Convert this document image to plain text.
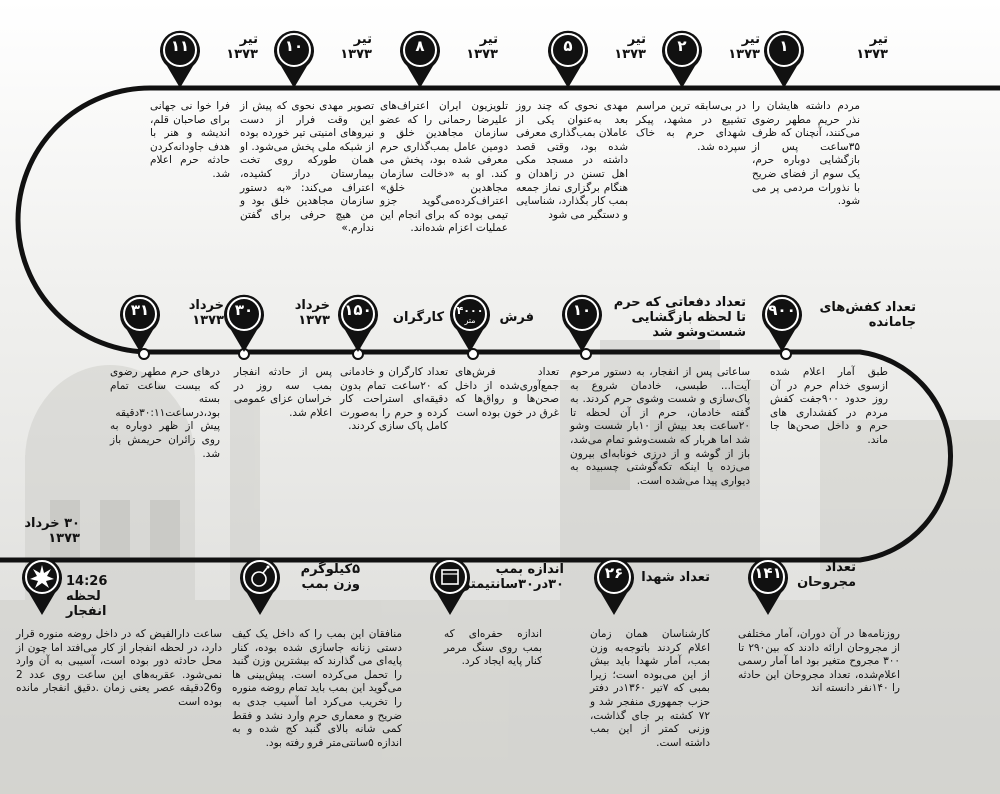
۱	تیر
۱۳۷۳
مردم داشته هایشان را نذر حریم مطهر رضوی می‌کنند، آنچنان که ظرف ۳۵ساعت پس از بازگشایی دوباره حرم، یک سوم از فضای ضریح با نذورات مردمی پر می شود.
۲	تیر
۱۳۷۳
در بی‌سابقه ترین مراسم تشییع در مشهد، پیکر شهدای حرم به خاک سپرده شد.
۵	تیر
۱۳۷۳
مهدی نحوی که چند روز بعد به‌عنوان یکی از عاملان بمب‌گذاری معرفی شده بود، وقتی قصد داشته در مسجد مکی اهل تسنن در زاهدان و هنگام برگزاری نماز جمعه بمب کار بگذارد، شناسایی و دستگیر می شود
۸	تیر
۱۳۷۳
تلویزیون ایران اعتراف‌های علیرضا رحمانی را که عضو سازمان مجاهدین خلق و دومین عامل بمب‌گذاری حرم معرفی شده بود، پخش می کند. او به «دخالت سازمان مجاهدین خلق» اعتراف‌کرده‌می‌گوید جزو تیمی بوده که برای انجام این عملیات اعزام شده‌اند.
۱۰	تیر
۱۳۷۳
تصویر مهدی نحوی که پیش از این وقت فرار از دست نیروهای امنیتی تیر خورده بوده از شبکه ملی پخش می‌شود. او همان طورکه روی تخت بیمارستان دراز کشیده، اعتراف می‌کند: «به دستور سازمان مجاهدین خلق بود و من هیچ حرفی برای گفتن ندارم.»
۱۱	تیر
۱۳۷۳
فرا خوا نی جهانی برای صاحبان قلم، اندیشه و هنر با هدف جاودانه‌کردن حادثه حرم اعلام شد.
۹۰۰	تعداد کفش‌های جامانده
طبق آمار اعلام شده ازسوی خدام حرم در آن روز حدود ۹۰۰جفت کفش مردم در کفشداری های حرم و داخل صحن‌ها جا ماند.
۱۰	تعداد دفعاتی که حرم تا لحظه بازگشایی شست‌وشو شد
ساعاتی پس از انفجار، به دستور مرحوم آیت‌ا... طبسی، خادمان شروع به پاک‌سازی و شست وشوی حرم کردند. به گفته خادمان، حرم از آن لحظه تا ۲۰ساعت بعد بیش از ۱۰بار شست وشو شد اما هربار که شست‌وشو تمام می‌شد، باز از گوشه و از درزی خونابه‌ای بیرون می‌زده یا اینکه تکه‌گوشتی چسبیده به دیواری پیدا می‌شده است.
۴۰۰۰
متر	فرش
تعداد فرش‌های جمع‌آوری‌شده از داخل صحن‌ها و رواق‌ها که غرق در خون بوده است
۱۵۰	کارگران
تعداد کارگران و خادمانی که ۲۰ساعت تمام بدون دقیقه‌ای استراحت کار کرده و حرم را به‌صورت کامل پاک سازی کردند.
۳۰	خرداد
۱۳۷۳
پس از حادثه انفجار بمب سه روز در خراسان عزای عمومی اعلام شد.
۳۱	خرداد
۱۳۷۳
درهای حرم مطهر رضوی که بیست ساعت تمام بسته بود،درساعت۳۰:۱۱دقیقه پیش از ظهر دوباره به روی زائران حریمش باز شد.
۱۴۱	تعداد مجروحان
روزنامه‌ها در آن دوران، آمار مختلفی از مجروحان ارائه دادند که بین۲۹۰ تا ۳۰۰ مجروح متغیر بود اما آمار رسمی اعلام‌شده، تعداد مجروحان این حادثه را ۱۴۰نفر دانسته اند
۲۶	تعداد شهدا
کارشناسان همان زمان اعلام کردند باتوجه‌به وزن بمب، آمار شهدا باید بیش از این می‌بوده است؛ زیرا بمبی که ۷تیر ۱۳۶۰در دفتر حزب جمهوری منفجر شد و ۷۲ کشته بر جای گذاشت، وزنی کمتر از این بمب داشته است.
اندازه بمب
۳۰در۳۰سانتیمتر
اندازه حفره‌ای که بمب روی سنگ مرمر کنار پایه ایجاد کرد.
۵کیلوگرم
وزن بمب
منافقان این بمب را که داخل یک کیف دستی زنانه جاسازی شده بوده، کنار پایه‌ای می گذارند که بیشترین وزن گنبد را تحمل می‌کرده است. پیش‌بینی ها می‌گوید این بمب باید تمام روضه منوره را تخریب می‌کرد اما آسیب جدی به ضریح و معماری حرم وارد نشد و فقط کمی شانه بالای گنبد کج شده و به اندازه ۵سانتی‌متر فرو رفته بود.
۳۰ خرداد
۱۳۷۳
14:26
لحظه انفجار
ساعت دارالفیض که در داخل روضه منوره قرار دارد، در لحظه انفجار از کار می‌افتد اما چون از محل حادثه دور بوده است، آسیبی به آن وارد نمی‌شود. عقربه‌های این ساعت روی عدد 2 و26دقیقه عصر یعنی زمان .دقیق انفجار مانده بوده است
